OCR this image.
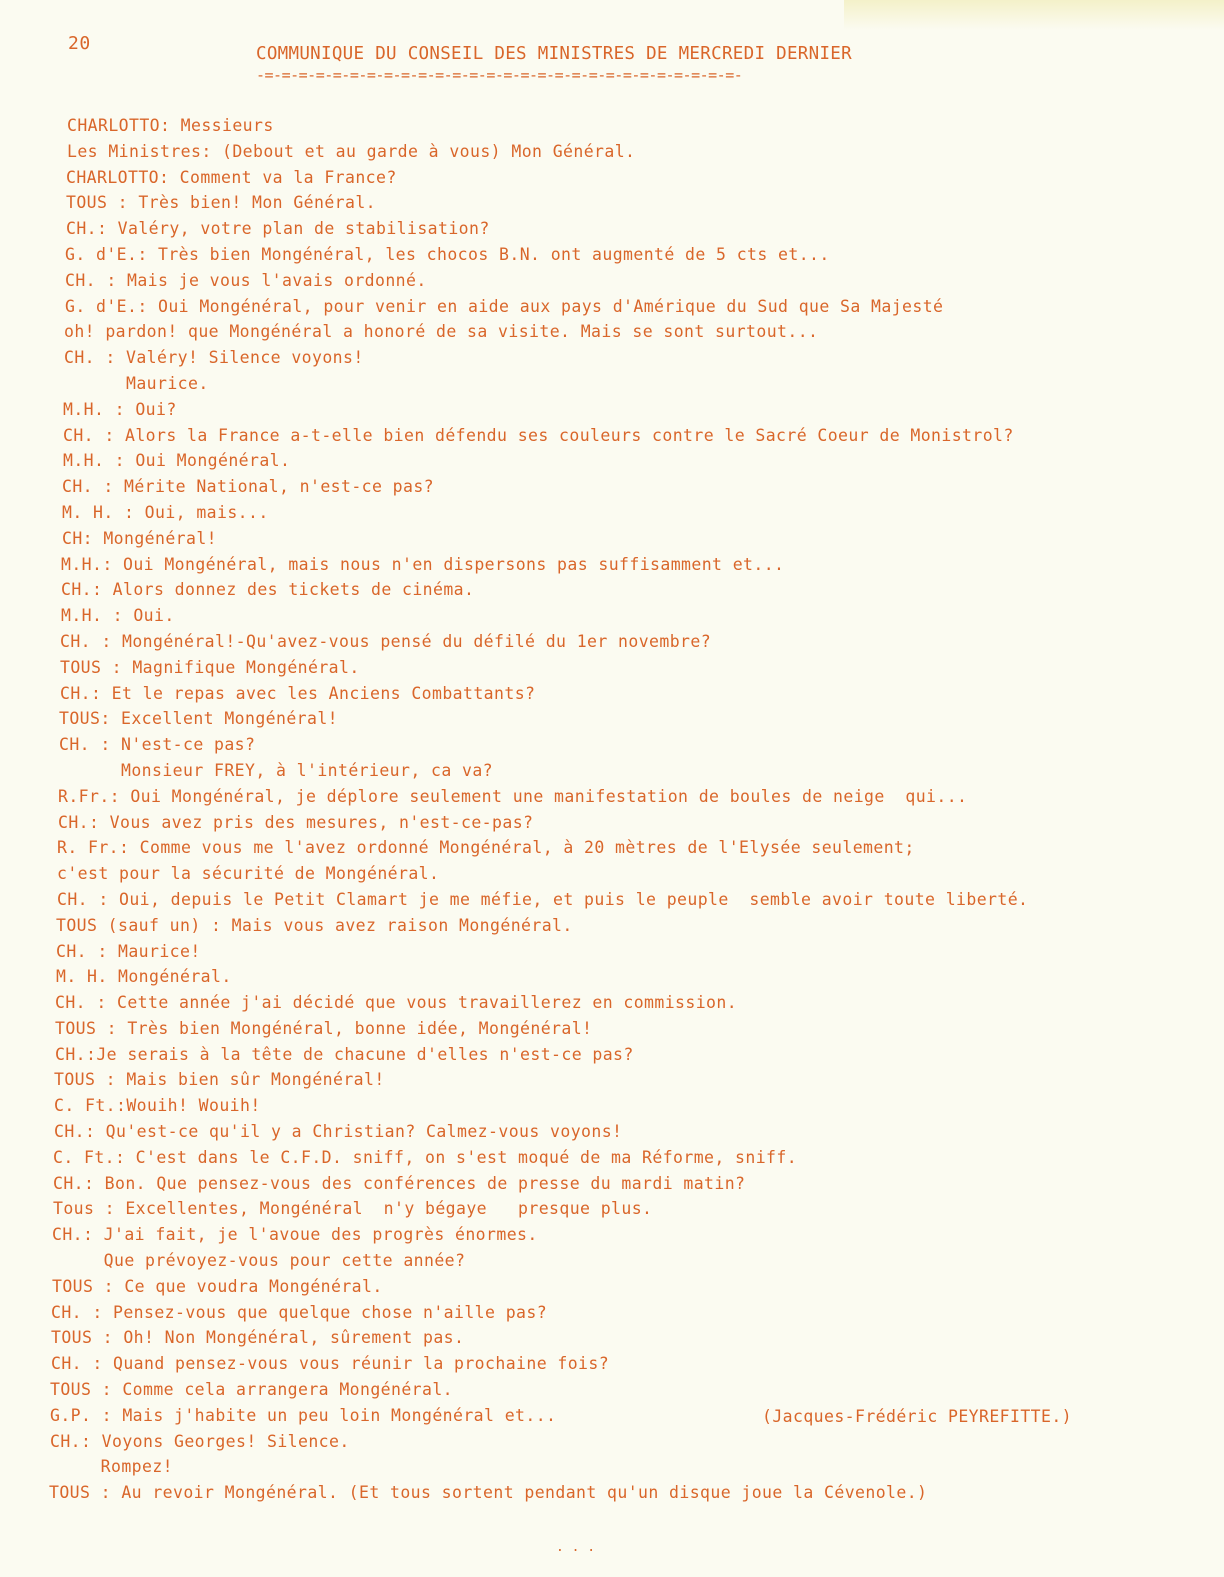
20	COMMUNIQUE DU CONSEIL DES MINISTRES DE MERCREDI DERNIER
-=-=-=-=-=-=-=-=-=-=-=-=-=-=-=-=-=-=-=-=-=-=-=-=-=-=-=-=-
CHARLOTTO: Messieurs
Les Ministres: (Debout et au garde à vous) Mon Général.
CHARLOTTO: Comment va la France?
TOUS : Très bien! Mon Général.
CH.: Valéry, votre plan de stabilisation?
G. d'E.: Très bien Mongénéral, les chocos B.N. ont augmenté de 5 cts et...
CH. : Mais je vous l'avais ordonné.
G. d'E.: Oui Mongénéral, pour venir en aide aux pays d'Amérique du Sud que Sa Majesté
oh! pardon! que Mongénéral a honoré de sa visite. Mais se sont surtout...
CH. : Valéry! Silence voyons!
Maurice.
M.H. : Oui?
CH. : Alors la France a-t-elle bien défendu ses couleurs contre le Sacré Coeur de Monistrol?
M.H. : Oui Mongénéral.
CH. : Mérite National, n'est-ce pas?
M. H. : Oui, mais...
CH: Mongénéral!
M.H.: Oui Mongénéral, mais nous n'en dispersons pas suffisamment et...
CH.: Alors donnez des tickets de cinéma.
M.H. : Oui.
CH. : Mongénéral!-Qu'avez-vous pensé du défilé du 1er novembre?
TOUS : Magnifique Mongénéral.
CH.: Et le repas avec les Anciens Combattants?
TOUS: Excellent Mongénéral!
CH. : N'est-ce pas?
Monsieur FREY, à l'intérieur, ca va?
R.Fr.: Oui Mongénéral, je déplore seulement une manifestation de boules de neige  qui...
CH.: Vous avez pris des mesures, n'est-ce-pas?
R. Fr.: Comme vous me l'avez ordonné Mongénéral, à 20 mètres de l'Elysée seulement;
c'est pour la sécurité de Mongénéral.
CH. : Oui, depuis le Petit Clamart je me méfie, et puis le peuple  semble avoir toute liberté.
TOUS (sauf un) : Mais vous avez raison Mongénéral.
CH. : Maurice!
M. H. Mongénéral.
CH. : Cette année j'ai décidé que vous travaillerez en commission.
TOUS : Très bien Mongénéral, bonne idée, Mongénéral!
CH.:Je serais à la tête de chacune d'elles n'est-ce pas?
TOUS : Mais bien sûr Mongénéral!
C. Ft.:Wouih! Wouih!
CH.: Qu'est-ce qu'il y a Christian? Calmez-vous voyons!
C. Ft.: C'est dans le C.F.D. sniff, on s'est moqué de ma Réforme, sniff.
CH.: Bon. Que pensez-vous des conférences de presse du mardi matin?
Tous : Excellentes, Mongénéral  n'y bégaye   presque plus.
CH.: J'ai fait, je l'avoue des progrès énormes.
Que prévoyez-vous pour cette année?
TOUS : Ce que voudra Mongénéral.
CH. : Pensez-vous que quelque chose n'aille pas?
TOUS : Oh! Non Mongénéral, sûrement pas.
CH. : Quand pensez-vous vous réunir la prochaine fois?
TOUS : Comme cela arrangera Mongénéral.
G.P. : Mais j'habite un peu loin Mongénéral et...
CH.: Voyons Georges! Silence.
Rompez!
TOUS : Au revoir Mongénéral. (Et tous sortent pendant qu'un disque joue la Cévenole.)
(Jacques-Frédéric PEYREFITTE.)
. . .
